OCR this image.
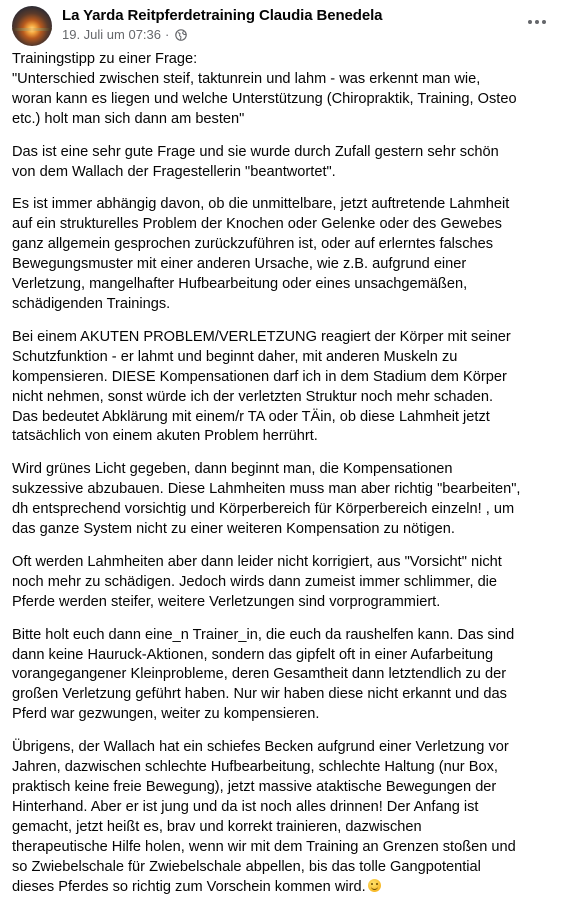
La Yarda Reitpferdetraining Claudia Benedela
19. Juli um 07:36 ·

Trainingstipp zu einer Frage:
"Unterschied zwischen steif, taktunrein und lahm - was erkennt man wie,
woran kann es liegen und welche Unterstützung (Chiropraktik, Training, Osteo
etc.) holt man sich dann am besten"

Das ist eine sehr gute Frage und sie wurde durch Zufall gestern sehr schön
von dem Wallach der Fragestellerin "beantwortet".

Es ist immer abhängig davon, ob die unmittelbare, jetzt auftretende Lahmheit
auf ein strukturelles Problem der Knochen oder Gelenke oder des Gewebes
ganz allgemein gesprochen zurückzuführen ist, oder auf erlerntes falsches
Bewegungsmuster mit einer anderen Ursache, wie z.B. aufgrund einer
Verletzung, mangelhafter Hufbearbeitung oder eines unsachgemäßen,
schädigenden Trainings.

Bei einem AKUTEN PROBLEM/VERLETZUNG reagiert der Körper mit seiner
Schutzfunktion - er lahmt und beginnt daher, mit anderen Muskeln zu
kompensieren. DIESE Kompensationen darf ich in dem Stadium dem Körper
nicht nehmen, sonst würde ich der verletzten Struktur noch mehr schaden.
Das bedeutet Abklärung mit einem/r TA oder TÄin, ob diese Lahmheit jetzt
tatsächlich von einem akuten Problem herrührt.

Wird grünes Licht gegeben, dann beginnt man, die Kompensationen
sukzessive abzubauen. Diese Lahmheiten muss man aber richtig "bearbeiten",
dh entsprechend vorsichtig und Körperbereich für Körperbereich einzeln! , um
das ganze System nicht zu einer weiteren Kompensation zu nötigen.

Oft werden Lahmheiten aber dann leider nicht korrigiert, aus "Vorsicht" nicht
noch mehr zu schädigen. Jedoch wirds dann zumeist immer schlimmer, die
Pferde werden steifer, weitere Verletzungen sind vorprogrammiert.

Bitte holt euch dann eine_n Trainer_in, die euch da raushelfen kann. Das sind
dann keine Hauruck-Aktionen, sondern das gipfelt oft in einer Aufarbeitung
vorangegangener Kleinprobleme, deren Gesamtheit dann letztendlich zu der
großen Verletzung geführt haben. Nur wir haben diese nicht erkannt und das
Pferd war gezwungen, weiter zu kompensieren.

Übrigens, der Wallach hat ein schiefes Becken aufgrund einer Verletzung vor
Jahren, dazwischen schlechte Hufbearbeitung, schlechte Haltung (nur Box,
praktisch keine freie Bewegung), jetzt massive ataktische Bewegungen der
Hinterhand. Aber er ist jung und da ist noch alles drinnen! Der Anfang ist
gemacht, jetzt heißt es, brav und korrekt trainieren, dazwischen
therapeutische Hilfe holen, wenn wir mit dem Training an Grenzen stoßen und
so Zwiebelschale für Zwiebelschale abpellen, bis das tolle Gangpotential
dieses Pferdes so richtig zum Vorschein kommen wird.
